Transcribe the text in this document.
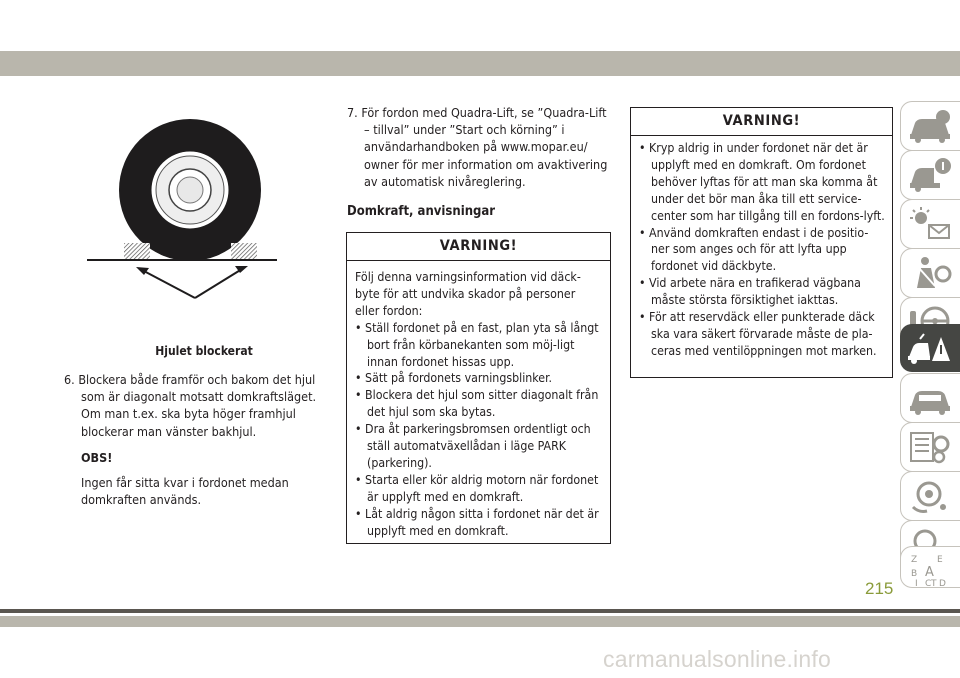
Hjulet blockerat
6. Blockera både framför och bakom det hjul som är diagonalt motsatt domkraftsläget. Om man t.ex. ska byta höger framhjul blockerar man vänster bakhjul.
OBS!
Ingen får sitta kvar i fordonet medan domkraften används.
7. För fordon med Quadra-Lift, se ”Quadra-Lift – tillval” under ”Start och körning” i användarhandboken på www.mopar.eu/ owner för mer information om avaktivering av automatisk nivåreglering.
Domkraft, anvisningar
VARNING!
Följ denna varningsinformation vid däck-byte för att undvika skador på personer eller fordon:
• Ställ fordonet på en fast, plan yta så långt bort från körbanekanten som möj-ligt innan fordonet hissas upp.
• Sätt på fordonets varningsblinker.
• Blockera det hjul som sitter diagonalt från det hjul som ska bytas.
• Dra åt parkeringsbromsen ordentligt och ställ automatväxellådan i läge PARK (parkering).
• Starta eller kör aldrig motorn när fordonet är upplyft med en domkraft.
• Låt aldrig någon sitta i fordonet när det är upplyft med en domkraft.
VARNING!
• Kryp aldrig in under fordonet när det är upplyft med en domkraft. Om fordonet behöver lyftas för att man ska komma åt under det bör man åka till ett service-center som har tillgång till en fordons-lyft.
• Använd domkraften endast i de positio-ner som anges och för att lyfta upp fordonet vid däckbyte.
• Vid arbete nära en trafikerad vägbana måste största försiktighet iakttas.
• För att reservdäck eller punkterade däck ska vara säkert förvarade måste de pla-ceras med ventilöppningen mot marken.
Z E
B A
I C T D
215
carmanualsonline.info
